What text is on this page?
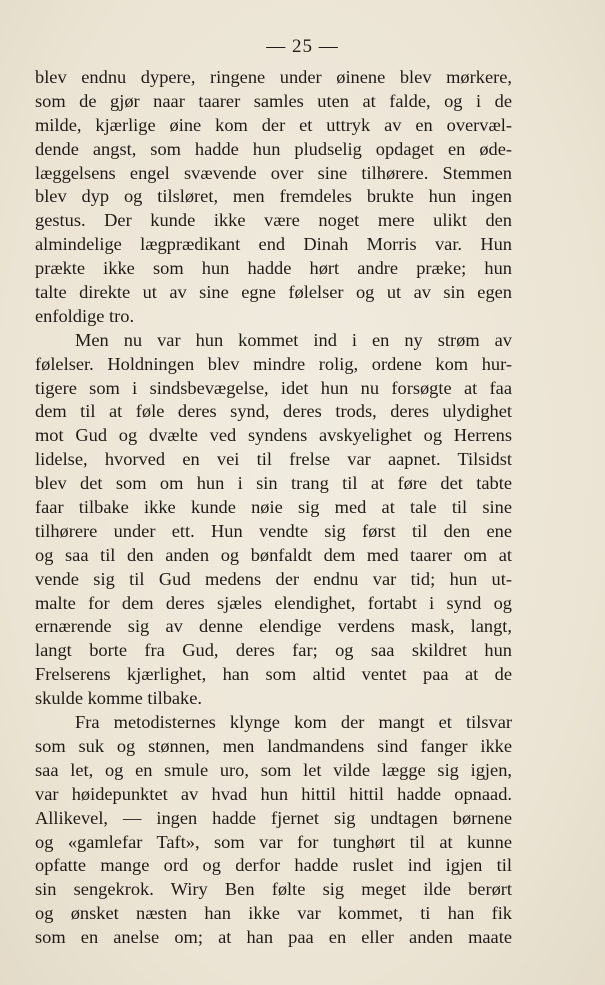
— 25 —
blev endnu dypere, ringene under øinene blev mørkere,
som de gjør naar taarer samles uten at falde, og i de
milde, kjærlige øine kom der et uttryk av en overvæl-
dende angst, som hadde hun pludselig opdaget en øde-
læggelsens engel svævende over sine tilhørere. Stemmen
blev dyp og tilsløret, men fremdeles brukte hun ingen
gestus. Der kunde ikke være noget mere ulikt den
almindelige lægprædikant end Dinah Morris var. Hun
prækte ikke som hun hadde hørt andre præke; hun
talte direkte ut av sine egne følelser og ut av sin egen
enfoldige tro.
Men nu var hun kommet ind i en ny strøm av
følelser. Holdningen blev mindre rolig, ordene kom hur-
tigere som i sindsbevægelse, idet hun nu forsøgte at faa
dem til at føle deres synd, deres trods, deres ulydighet
mot Gud og dvælte ved syndens avskyelighet og Herrens
lidelse, hvorved en vei til frelse var aapnet. Tilsidst
blev det som om hun i sin trang til at føre det tabte
faar tilbake ikke kunde nøie sig med at tale til sine
tilhørere under ett. Hun vendte sig først til den ene
og saa til den anden og bønfaldt dem med taarer om at
vende sig til Gud medens der endnu var tid; hun ut-
malte for dem deres sjæles elendighet, fortabt i synd og
ernærende sig av denne elendige verdens mask, langt,
langt borte fra Gud, deres far; og saa skildret hun
Frelserens kjærlighet, han som altid ventet paa at de
skulde komme tilbake.
Fra metodisternes klynge kom der mangt et tilsvar
som suk og stønnen, men landmandens sind fanger ikke
saa let, og en smule uro, som let vilde lægge sig igjen,
var høidepunktet av hvad hun hittil hittil hadde opnaad.
Allikevel, — ingen hadde fjernet sig undtagen børnene
og «gamlefar Taft», som var for tunghørt til at kunne
opfatte mange ord og derfor hadde ruslet ind igjen til
sin sengekrok. Wiry Ben følte sig meget ilde berørt
og ønsket næsten han ikke var kommet, ti han fik
som en anelse om; at han paa en eller anden maate
